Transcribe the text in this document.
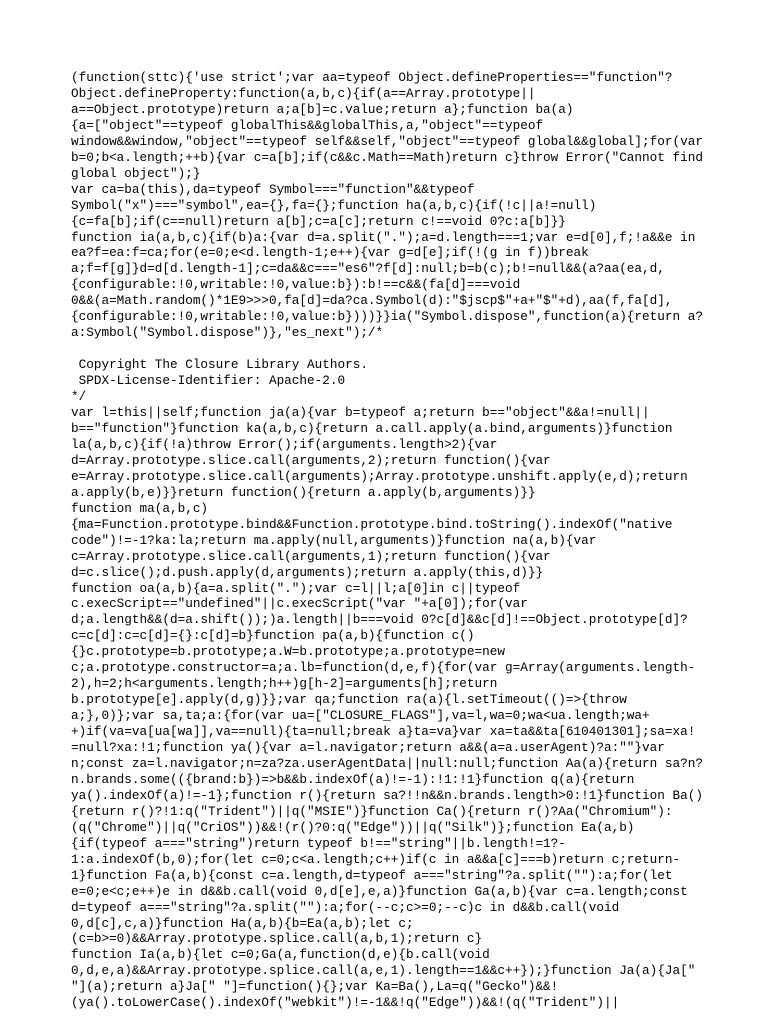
(function(sttc){'use strict';var aa=typeof Object.defineProperties=="function"?
Object.defineProperty:function(a,b,c){if(a==Array.prototype||
a==Object.prototype)return a;a[b]=c.value;return a};function ba(a)
{a=["object"==typeof globalThis&&globalThis,a,"object"==typeof
window&&window,"object"==typeof self&&self,"object"==typeof global&&global];for(var
b=0;b<a.length;++b){var c=a[b];if(c&&c.Math==Math)return c}throw Error("Cannot find
global object");}
var ca=ba(this),da=typeof Symbol==="function"&&typeof
Symbol("x")==="symbol",ea={},fa={};function ha(a,b,c){if(!c||a!=null)
{c=fa[b];if(c==null)return a[b];c=a[c];return c!==void 0?c:a[b]}}
function ia(a,b,c){if(b)a:{var d=a.split(".");a=d.length===1;var e=d[0],f;!a&&e in
ea?f=ea:f=ca;for(e=0;e<d.length-1;e++){var g=d[e];if(!(g in f))break
a;f=f[g]}d=d[d.length-1];c=da&&c==="es6"?f[d]:null;b=b(c);b!=null&&(a?aa(ea,d,
{configurable:!0,writable:!0,value:b}):b!==c&&(fa[d]===void
0&&(a=Math.random()*1E9>>>0,fa[d]=da?ca.Symbol(d):"$jscp$"+a+"$"+d),aa(f,fa[d],
{configurable:!0,writable:!0,value:b})))}}ia("Symbol.dispose",function(a){return a?
a:Symbol("Symbol.dispose")},"es_next");/*

Copyright The Closure Library Authors.
SPDX-License-Identifier: Apache-2.0
*/
var l=this||self;function ja(a){var b=typeof a;return b=="object"&&a!=null||
b=="function"}function ka(a,b,c){return a.call.apply(a.bind,arguments)}function
la(a,b,c){if(!a)throw Error();if(arguments.length>2){var
d=Array.prototype.slice.call(arguments,2);return function(){var
e=Array.prototype.slice.call(arguments);Array.prototype.unshift.apply(e,d);return
a.apply(b,e)}}return function(){return a.apply(b,arguments)}}
function ma(a,b,c)
{ma=Function.prototype.bind&&Function.prototype.bind.toString().indexOf("native
code")!=-1?ka:la;return ma.apply(null,arguments)}function na(a,b){var
c=Array.prototype.slice.call(arguments,1);return function(){var
d=c.slice();d.push.apply(d,arguments);return a.apply(this,d)}}
function oa(a,b){a=a.split(".");var c=l||l;a[0]in c||typeof
c.execScript=="undefined"||c.execScript("var "+a[0]);for(var
d;a.length&&(d=a.shift());)a.length||b===void 0?c[d]&&c[d]!==Object.prototype[d]?
c=c[d]:c=c[d]={}:c[d]=b}function pa(a,b){function c()
{}c.prototype=b.prototype;a.W=b.prototype;a.prototype=new
c;a.prototype.constructor=a;a.lb=function(d,e,f){for(var g=Array(arguments.length-
2),h=2;h<arguments.length;h++)g[h-2]=arguments[h];return
b.prototype[e].apply(d,g)}};var qa;function ra(a){l.setTimeout(()=>{throw
a;},0)};var sa,ta;a:{for(var ua=["CLOSURE_FLAGS"],va=l,wa=0;wa<ua.length;wa+
+)if(va=va[ua[wa]],va==null){ta=null;break a}ta=va}var xa=ta&&ta[610401301];sa=xa!
=null?xa:!1;function ya(){var a=l.navigator;return a&&(a=a.userAgent)?a:""}var
n;const za=l.navigator;n=za?za.userAgentData||null:null;function Aa(a){return sa?n?
n.brands.some(({brand:b})=>b&&b.indexOf(a)!=-1):!1:!1}function q(a){return
ya().indexOf(a)!=-1};function r(){return sa?!!n&&n.brands.length>0:!1}function Ba()
{return r()?!1:q("Trident")||q("MSIE")}function Ca(){return r()?Aa("Chromium"):
(q("Chrome")||q("CriOS"))&&!(r()?0:q("Edge"))||q("Silk")};function Ea(a,b)
{if(typeof a==="string")return typeof b!=="string"||b.length!=1?-
1:a.indexOf(b,0);for(let c=0;c<a.length;c++)if(c in a&&a[c]===b)return c;return-
1}function Fa(a,b){const c=a.length,d=typeof a==="string"?a.split(""):a;for(let
e=0;e<c;e++)e in d&&b.call(void 0,d[e],e,a)}function Ga(a,b){var c=a.length;const
d=typeof a==="string"?a.split(""):a;for(--c;c>=0;--c)c in d&&b.call(void
0,d[c],c,a)}function Ha(a,b){b=Ea(a,b);let c;
(c=b>=0)&&Array.prototype.splice.call(a,b,1);return c}
function Ia(a,b){let c=0;Ga(a,function(d,e){b.call(void
0,d,e,a)&&Array.prototype.splice.call(a,e,1).length==1&&c++});}function Ja(a){Ja["
"](a);return a}Ja[" "]=function(){};var Ka=Ba(),La=q("Gecko")&&!
(ya().toLowerCase().indexOf("webkit")!=-1&&!q("Edge"))&&!(q("Trident")||
